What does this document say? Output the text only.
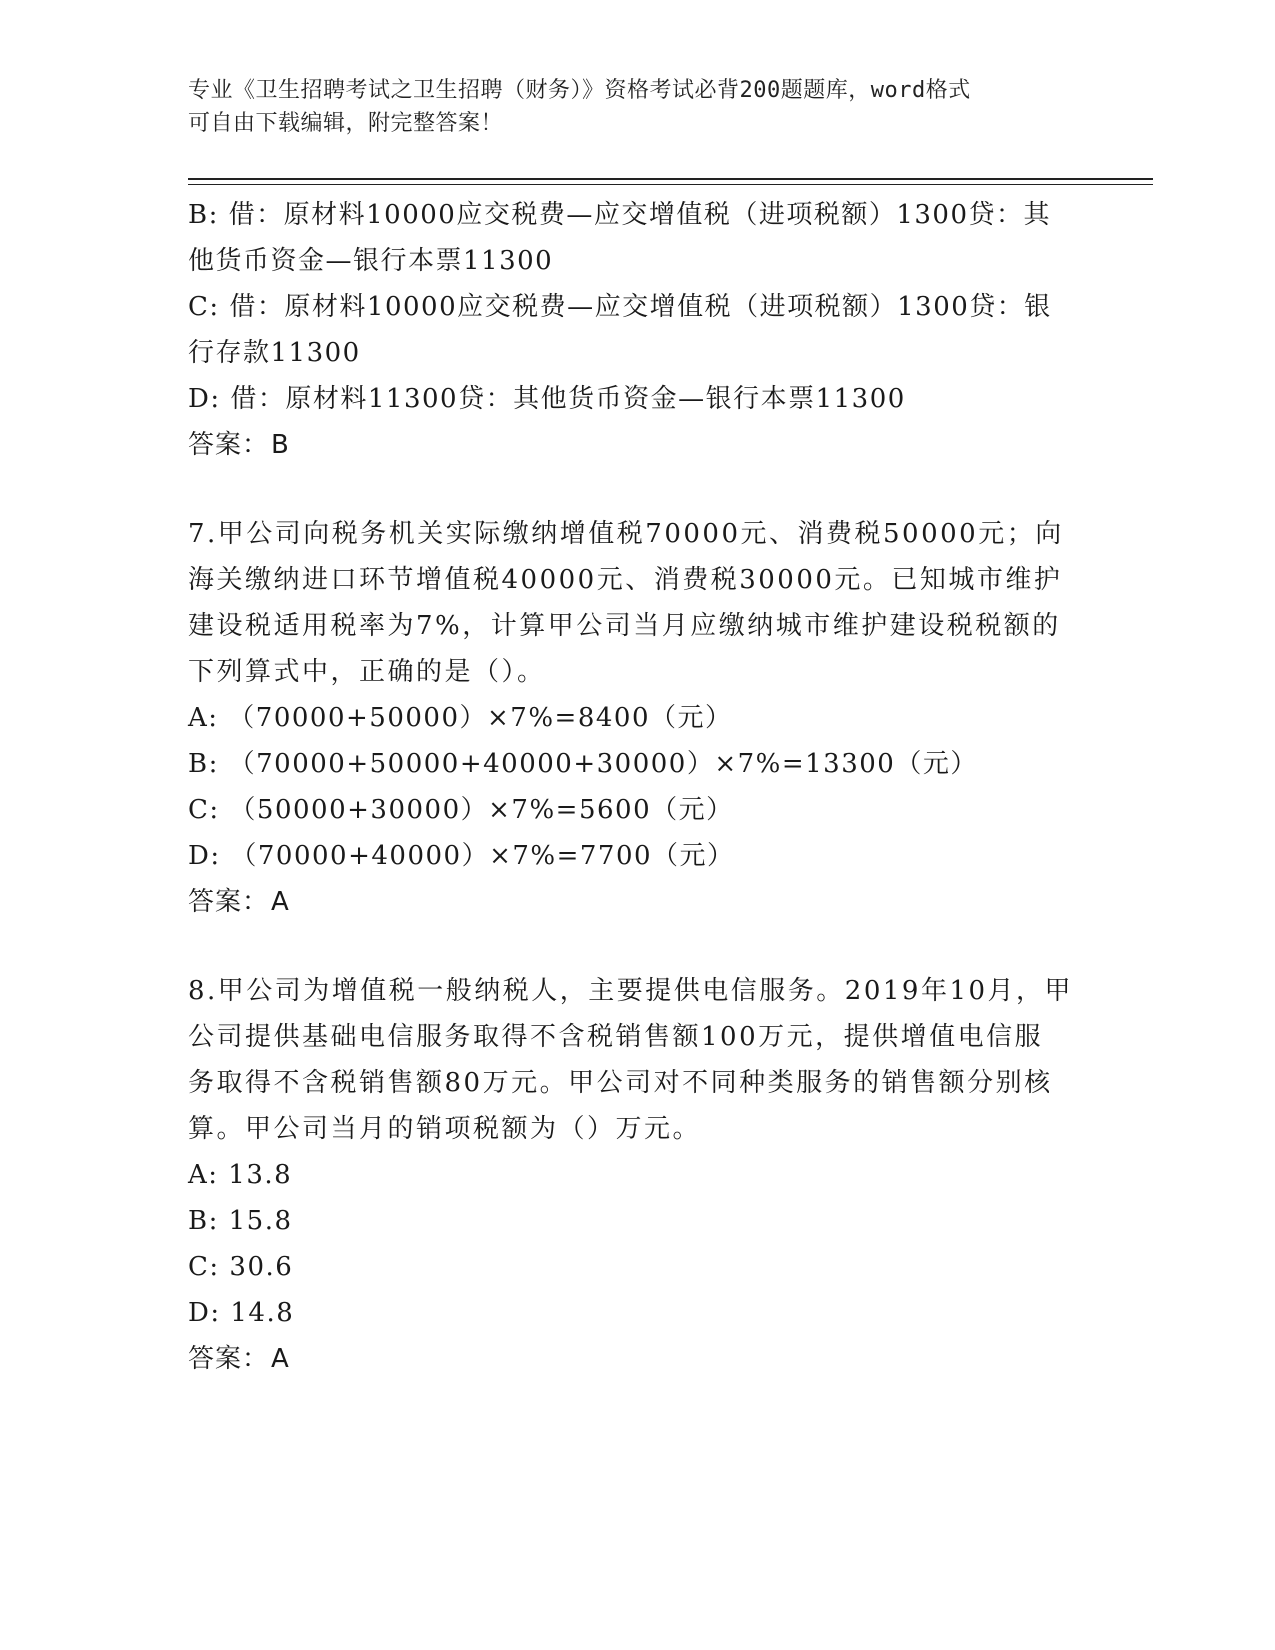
专业《卫生招聘考试之卫生招聘（财务）》资格考试必背200题题库，word格式
可自由下载编辑，附完整答案！
B: 借：原材料10000应交税费—应交增值税（进项税额）1300贷：其
他货币资金—银行本票11300
C: 借：原材料10000应交税费—应交增值税（进项税额）1300贷：银
行存款11300
D: 借：原材料11300贷：其他货币资金—银行本票11300
答案：B
7.甲公司向税务机关实际缴纳增值税70000元、消费税50000元；向
海关缴纳进口环节增值税40000元、消费税30000元。已知城市维护
建设税适用税率为7%，计算甲公司当月应缴纳城市维护建设税税额的
下列算式中，正确的是（）。
A: （70000+50000）×7%=8400（元）
B: （70000+50000+40000+30000）×7%=13300（元）
C: （50000+30000）×7%=5600（元）
D: （70000+40000）×7%=7700（元）
答案：A
8.甲公司为增值税一般纳税人，主要提供电信服务。2019年10月，甲
公司提供基础电信服务取得不含税销售额100万元，提供增值电信服
务取得不含税销售额80万元。甲公司对不同种类服务的销售额分别核
算。甲公司当月的销项税额为（）万元。
A: 13.8
B: 15.8
C: 30.6
D: 14.8
答案：A
